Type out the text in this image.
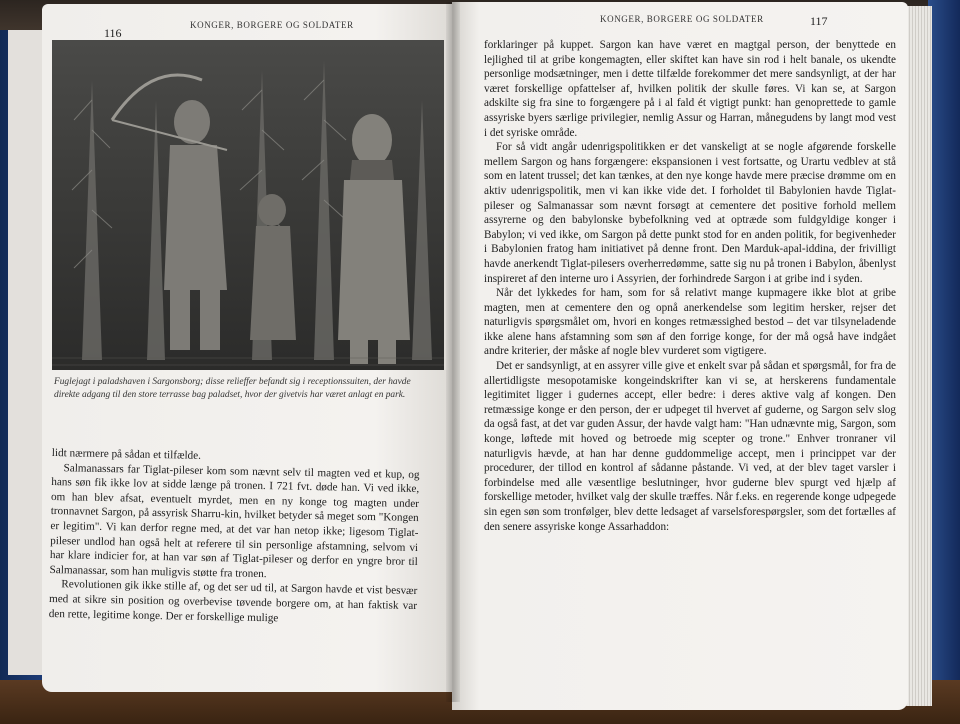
116
KONGER, BORGERE OG SOLDATER
Fuglejagt i paladshaven i Sargonsborg; disse relieffer befandt sig i receptionssuiten, der havde direkte adgang til den store terrasse bag paladset, hvor der givetvis har været anlagt en park.

lidt nærmere på sådan et tilfælde.

Salmanassars far Tiglat-pileser kom som nævnt selv til magten ved et kup, og hans søn fik ikke lov at sidde længe på tronen. I 721 fvt. døde han. Vi ved ikke, om han blev afsat, eventuelt myrdet, men en ny konge tog magten under tronnavnet Sargon, på assyrisk Sharru-kin, hvilket betyder så meget som "Kongen er legitim". Vi kan derfor regne med, at det var han netop ikke; ligesom Tiglat-pileser undlod han også helt at referere til sin personlige afstamning, selvom vi har klare indicier for, at han var søn af Tiglat-pileser og derfor en yngre bror til Salmanassar, som han muligvis støtte fra tronen.

Revolutionen gik ikke stille af, og det ser ud til, at Sargon havde et vist besvær med at sikre sin position og overbevise tøvende borgere om, at han faktisk var den rette, legitime konge. Der er forskellige mulige

KONGER, BORGERE OG SOLDATER	117

forklaringer på kuppet. Sargon kan have været en magtgal person, der benyttede en lejlighed til at gribe kongemagten, eller skiftet kan have sin rod i helt banale, os ukendte personlige modsætninger, men i dette tilfælde forekommer det mere sandsynligt, at der har været forskellige opfattelser af, hvilken politik der skulle føres. Vi kan se, at Sargon adskilte sig fra sine to forgængere på i al fald ét vigtigt punkt: han genoprettede to gamle assyriske byers særlige privilegier, nemlig Assur og Harran, månegudens by langt mod vest i det syriske område.

For så vidt angår udenrigspolitikken er det vanskeligt at se nogle afgørende forskelle mellem Sargon og hans forgængere: ekspansionen i vest fortsatte, og Urartu vedblev at stå som en latent trussel; det kan tænkes, at den nye konge havde mere præcise drømme om en aktiv udenrigspolitik, men vi kan ikke vide det. I forholdet til Babylonien havde Tiglat-pileser og Salmanassar som nævnt forsøgt at cementere det positive forhold mellem assyrerne og den babylonske bybefolkning ved at optræde som fuldgyldige konger i Babylon; vi ved ikke, om Sargon på dette punkt stod for en anden politik, for begivenheder i Babylonien fratog ham initiativet på denne front. Den Marduk-apal-iddina, der frivilligt havde anerkendt Tiglat-pilesers overherredømme, satte sig nu på tronen i Babylon, åbenlyst inspireret af den interne uro i Assyrien, der forhindrede Sargon i at gribe ind i syden.

Når det lykkedes for ham, som for så relativt mange kupmagere ikke blot at gribe magten, men at cementere den og opnå anerkendelse som legitim hersker, rejser det naturligvis spørgsmålet om, hvori en konges retmæssighed bestod – det var tilsyneladende ikke alene hans afstamning som søn af den forrige konge, for der må også have indgået andre kriterier, der måske af nogle blev vurderet som vigtigere.

Det er sandsynligt, at en assyrer ville give et enkelt svar på sådan et spørgsmål, for fra de allertidligste mesopotamiske kongeindskrifter kan vi se, at herskerens fundamentale legitimitet ligger i gudernes accept, eller bedre: i deres aktive valg af kongen. Den retmæssige konge er den person, der er udpeget til hvervet af guderne, og Sargon selv slog da også fast, at det var guden Assur, der havde valgt ham: "Han udnævnte mig, Sargon, som konge, løftede mit hoved og betroede mig scepter og trone." Enhver tronraner vil naturligvis hævde, at han har denne guddommelige accept, men i princippet var der procedurer, der tillod en kontrol af sådanne påstande. Vi ved, at der blev taget varsler i forbindelse med alle væsentlige beslutninger, hvor guderne blev spurgt ved hjælp af forskellige metoder, hvilket valg der skulle træffes. Når f.eks. en regerende konge udpegede sin egen søn som tronfølger, blev dette ledsaget af varselsforespørgsler, som det fortælles af den senere assyriske konge Assarhaddon:
